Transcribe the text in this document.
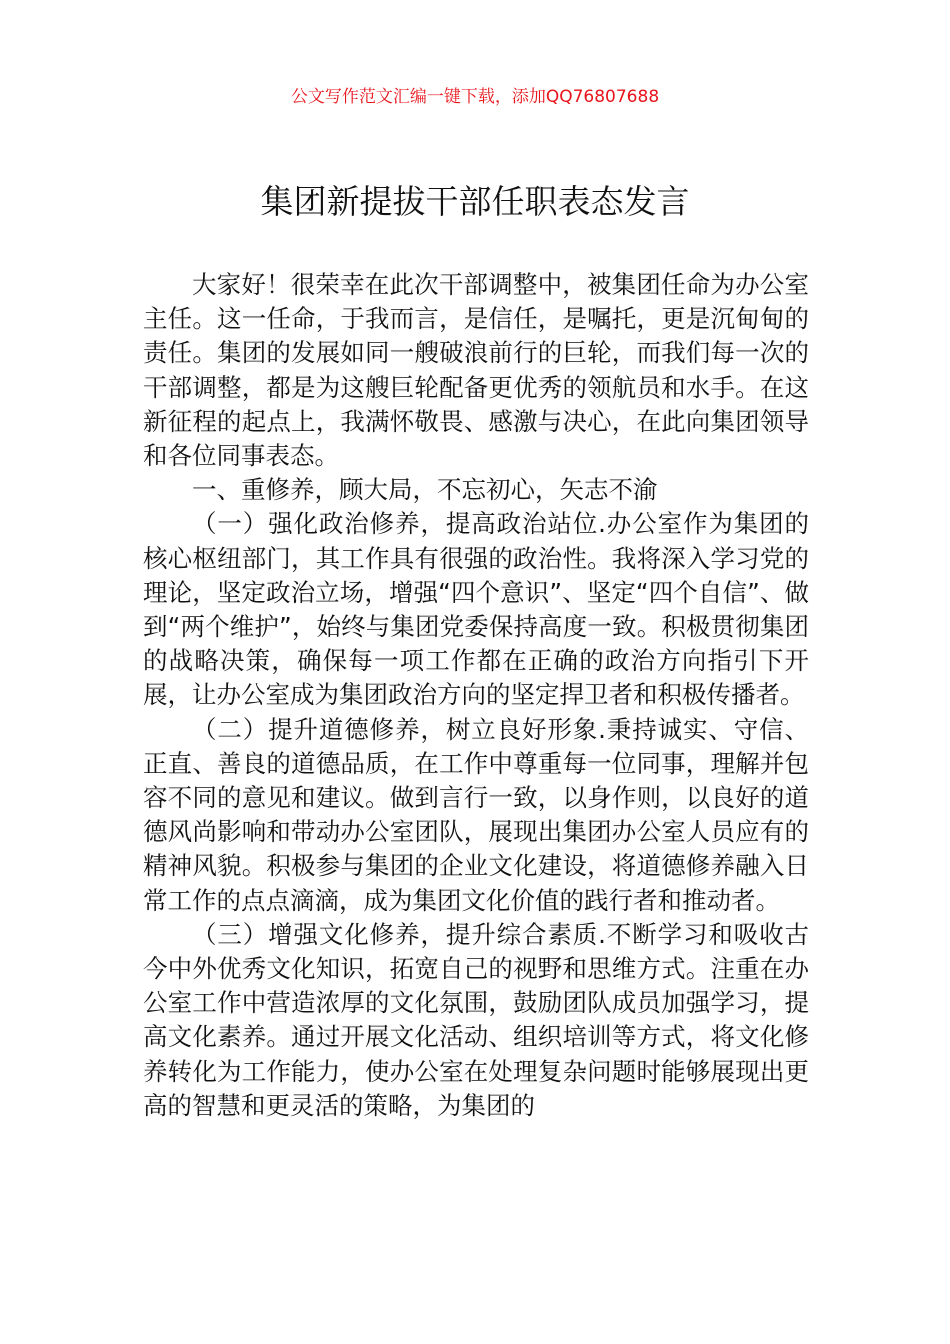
公文写作范文汇编一键下载，添加QQ76807688
集团新提拔干部任职表态发言

大家好！很荣幸在此次干部调整中，被集团任命为办公室主任。这一任命，于我而言，是信任，是嘱托，更是沉甸甸的责任。集团的发展如同一艘破浪前行的巨轮，而我们每一次的干部调整，都是为这艘巨轮配备更优秀的领航员和水手。在这新征程的起点上，我满怀敬畏、感激与决心，在此向集团领导和各位同事表态。

一、重修养，顾大局，不忘初心，矢志不渝

（一）强化政治修养，提高政治站位.办公室作为集团的核心枢纽部门，其工作具有很强的政治性。我将深入学习党的理论，坚定政治立场，增强“四个意识”、坚定“四个自信”、做到“两个维护”，始终与集团党委保持高度一致。积极贯彻集团的战略决策，确保每一项工作都在正确的政治方向指引下开展，让办公室成为集团政治方向的坚定捍卫者和积极传播者。

（二）提升道德修养，树立良好形象.秉持诚实、守信、正直、善良的道德品质，在工作中尊重每一位同事，理解并包容不同的意见和建议。做到言行一致，以身作则，以良好的道德风尚影响和带动办公室团队，展现出集团办公室人员应有的精神风貌。积极参与集团的企业文化建设，将道德修养融入日常工作的点点滴滴，成为集团文化价值的践行者和推动者。

（三）增强文化修养，提升综合素质.不断学习和吸收古今中外优秀文化知识，拓宽自己的视野和思维方式。注重在办公室工作中营造浓厚的文化氛围，鼓励团队成员加强学习，提高文化素养。通过开展文化活动、组织培训等方式，将文化修养转化为工作能力，使办公室在处理复杂问题时能够展现出更高的智慧和更灵活的策略，为集团的
